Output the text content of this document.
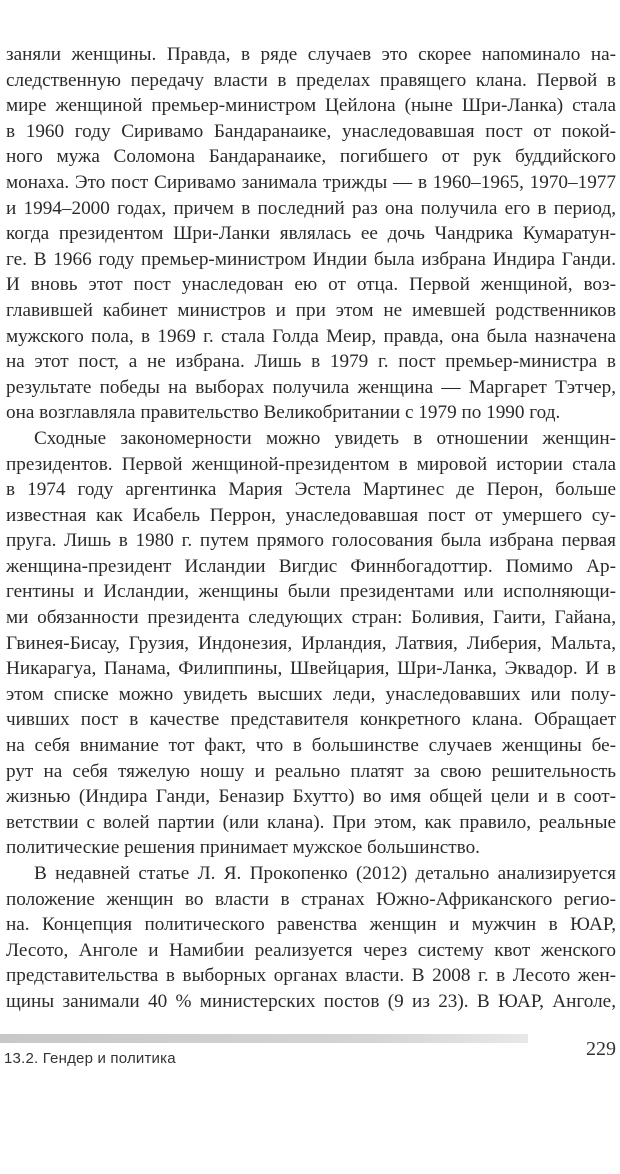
заняли женщины. Правда, в ряде случаев это скорее напоминало на-
следственную передачу власти в пределах правящего клана. Первой в
мире женщиной премьер-министром Цейлона (ныне Шри-Ланка) стала
в 1960 году Сиривамо Бандаранаике, унаследовавшая пост от покой-
ного мужа Соломона Бандаранаике, погибшего от рук буддийского
монаха. Это пост Сиривамо занимала трижды — в 1960–1965, 1970–1977
и 1994–2000 годах, причем в последний раз она получила его в период,
когда президентом Шри-Ланки являлась ее дочь Чандрика Кумаратун-
ге. В 1966 году премьер-министром Индии была избрана Индира Ганди.
И вновь этот пост унаследован ею от отца. Первой женщиной, воз-
главившей кабинет министров и при этом не имевшей родственников
мужского пола, в 1969 г. стала Голда Меир, правда, она была назначена
на этот пост, а не избрана. Лишь в 1979 г. пост премьер-министра в
результате победы на выборах получила женщина — Маргарет Тэтчер,
она возглавляла правительство Великобритании с 1979 по 1990 год.
Сходные закономерности можно увидеть в отношении женщин-
президентов. Первой женщиной-президентом в мировой истории стала
в 1974 году аргентинка Мария Эстела Мартинес де Перон, больше
известная как Исабель Перрон, унаследовавшая пост от умершего су-
пруга. Лишь в 1980 г. путем прямого голосования была избрана первая
женщина-президент Исландии Вигдис Финнбогадоттир. Помимо Ар-
гентины и Исландии, женщины были президентами или исполняющи-
ми обязанности президента следующих стран: Боливия, Гаити, Гайана,
Гвинея-Бисау, Грузия, Индонезия, Ирландия, Латвия, Либерия, Мальта,
Никарагуа, Панама, Филиппины, Швейцария, Шри-Ланка, Эквадор. И в
этом списке можно увидеть высших леди, унаследовавших или полу-
чивших пост в качестве представителя конкретного клана. Обращает
на себя внимание тот факт, что в большинстве случаев женщины бе-
рут на себя тяжелую ношу и реально платят за свою решительность
жизнью (Индира Ганди, Беназир Бхутто) во имя общей цели и в соот-
ветствии с волей партии (или клана). При этом, как правило, реальные
политические решения принимает мужское большинство.
В недавней статье Л. Я. Прокопенко (2012) детально анализируется
положение женщин во власти в странах Южно-Африканского регио-
на. Концепция политического равенства женщин и мужчин в ЮАР,
Лесото, Анголе и Намибии реализуется через систему квот женского
представительства в выборных органах власти. В 2008 г. в Лесото жен-
щины занимали 40 % министерских постов (9 из 23). В ЮАР, Анголе,
13.2. Гендер и политика	229
